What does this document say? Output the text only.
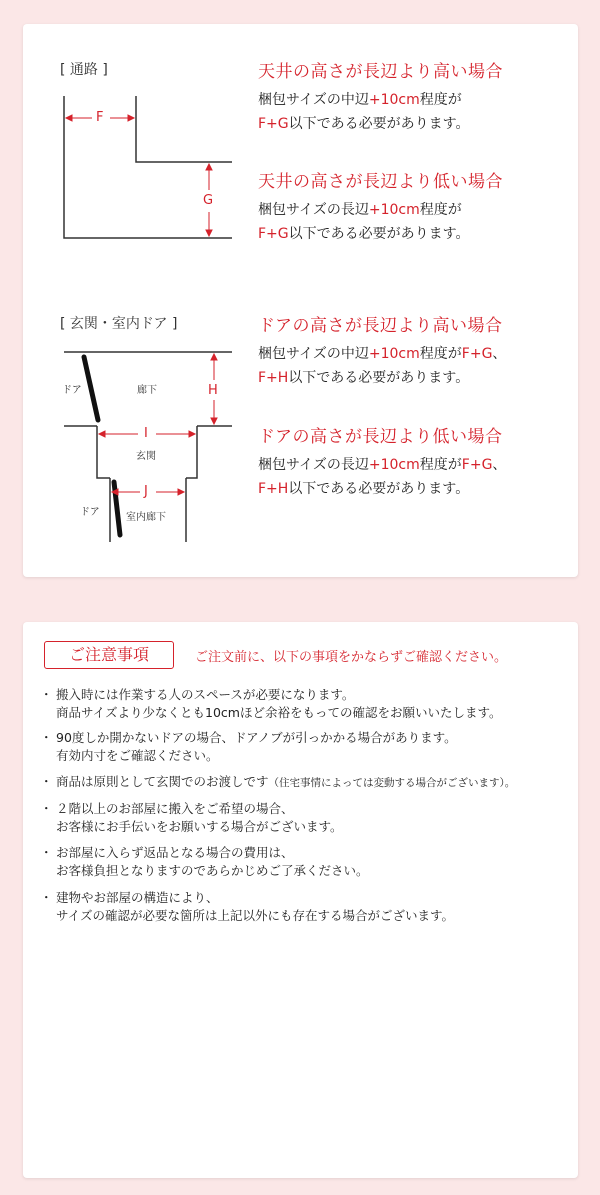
[ 通路 ]
F
G
天井の高さが長辺より高い場合
梱包サイズの中辺+10cm程度が
F+G以下である必要があります。
天井の高さが長辺より低い場合
梱包サイズの長辺+10cm程度が
F+G以下である必要があります。
[ 玄関・室内ドア ]
H
I
J
ドア	廊下
玄関
ドア	室内廊下
ドアの高さが長辺より高い場合
梱包サイズの中辺+10cm程度がF+G、
F+H以下である必要があります。
ドアの高さが長辺より低い場合
梱包サイズの長辺+10cm程度がF+G、
F+H以下である必要があります。
ご注意事項	ご注文前に、以下の事項をかならずご確認ください。
・ 搬入時には作業する人のスペースが必要になります。
商品サイズより少なくとも10cmほど余裕をもっての確認をお願いいたします。
・ 90度しか開かないドアの場合、ドアノブが引っかかる場合があります。
有効内寸をご確認ください。
・ 商品は原則として玄関でのお渡しです（住宅事情によっては変動する場合がございます）。
・ ２階以上のお部屋に搬入をご希望の場合、
お客様にお手伝いをお願いする場合がございます。
・ お部屋に入らず返品となる場合の費用は、
お客様負担となりますのであらかじめご了承ください。
・ 建物やお部屋の構造により、
サイズの確認が必要な箇所は上記以外にも存在する場合がございます。
